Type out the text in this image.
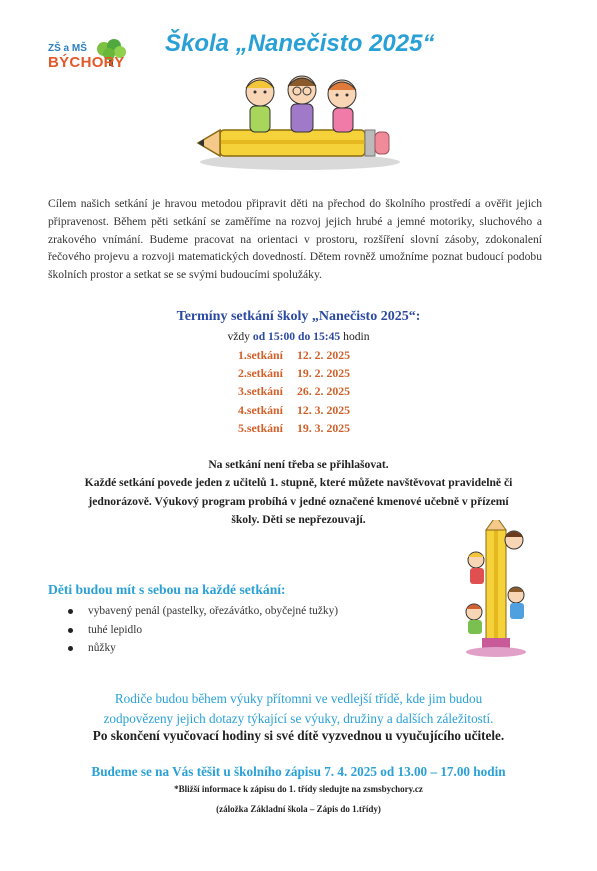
ZŠ a MŠ
BÝCHORY
Škola „Nanečisto 2025“
Cílem našich setkání je hravou metodou připravit děti na přechod do školního prostředí a ověřit jejich připravenost. Během pěti setkání se zaměříme na rozvoj jejich hrubé a jemné motoriky, sluchového a zrakového vnímání. Budeme pracovat na orientaci v prostoru, rozšíření slovní zásoby, zdokonalení řečového projevu a rozvoji matematických dovedností. Dětem rovněž umožníme poznat budoucí podobu školních prostor a setkat se se svými budoucími spolužáky.
Termíny setkání školy „Nanečisto 2025“:
vždy od 15:00 do 15:45 hodin
1.setkání 12. 2. 2025
2.setkání 19. 2. 2025
3.setkání 26. 2. 2025
4.setkání 12. 3. 2025
5.setkání 19. 3. 2025
Na setkání není třeba se přihlašovat.
Každé setkání povede jeden z učitelů 1. stupně, které můžete navštěvovat pravidelně či
jednorázově. Výukový program probíhá v jedné označené kmenové učebně v přízemí
školy. Děti se nepřezouvají.
Děti budou mít s sebou na každé setkání:
vybavený penál (pastelky, ořezávátko, obyčejné tužky)
tuhé lepidlo
nůžky
Rodiče budou během výuky přítomni ve vedlejší třídě, kde jim budou
zodpovězeny jejich dotazy týkající se výuky, družiny a dalších záležitostí.
Po skončení vyučovací hodiny si své dítě vyzvednou u vyučujícího učitele.
Budeme se na Vás těšit u školního zápisu 7. 4. 2025 od 13.00 – 17.00 hodin
*Bližší informace k zápisu do 1. třídy sledujte na zsmsbychory.cz
(záložka Základní škola – Zápis do 1.třídy)
